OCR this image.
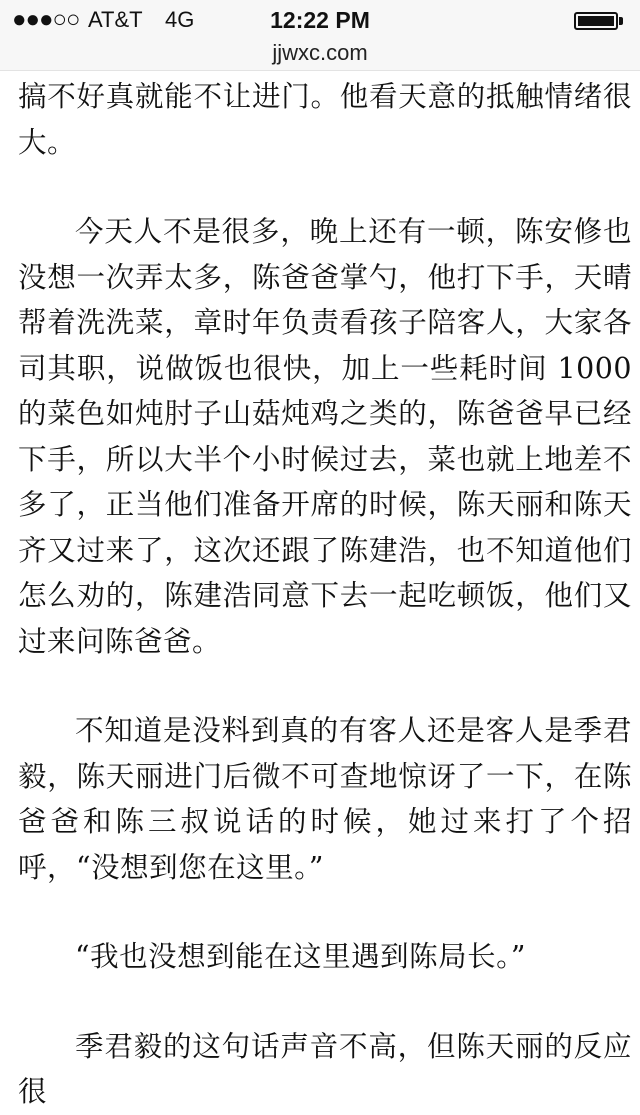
●●●○○ AT&T 4G	12:22 PM
jjwxc.com

搞不好真就能不让进门。他看天意的抵触情绪很大。

今天人不是很多，晚上还有一顿，陈安修也没想一次弄太多，陈爸爸掌勺，他打下手，天晴帮着洗洗菜，章时年负责看孩子陪客人，大家各司其职，说做饭也很快，加上一些耗时间 1000 的菜色如炖肘子山菇炖鸡之类的，陈爸爸早已经下手，所以大半个小时候过去，菜也就上地差不多了，正当他们准备开席的时候，陈天丽和陈天齐又过来了，这次还跟了陈建浩，也不知道他们怎么劝的，陈建浩同意下去一起吃顿饭，他们又过来问陈爸爸。

不知道是没料到真的有客人还是客人是季君毅，陈天丽进门后微不可查地惊讶了一下，在陈爸爸和陈三叔说话的时候，她过来打了个招呼，“没想到您在这里。”

“我也没想到能在这里遇到陈局长。”

季君毅的这句话声音不高，但陈天丽的反应很
